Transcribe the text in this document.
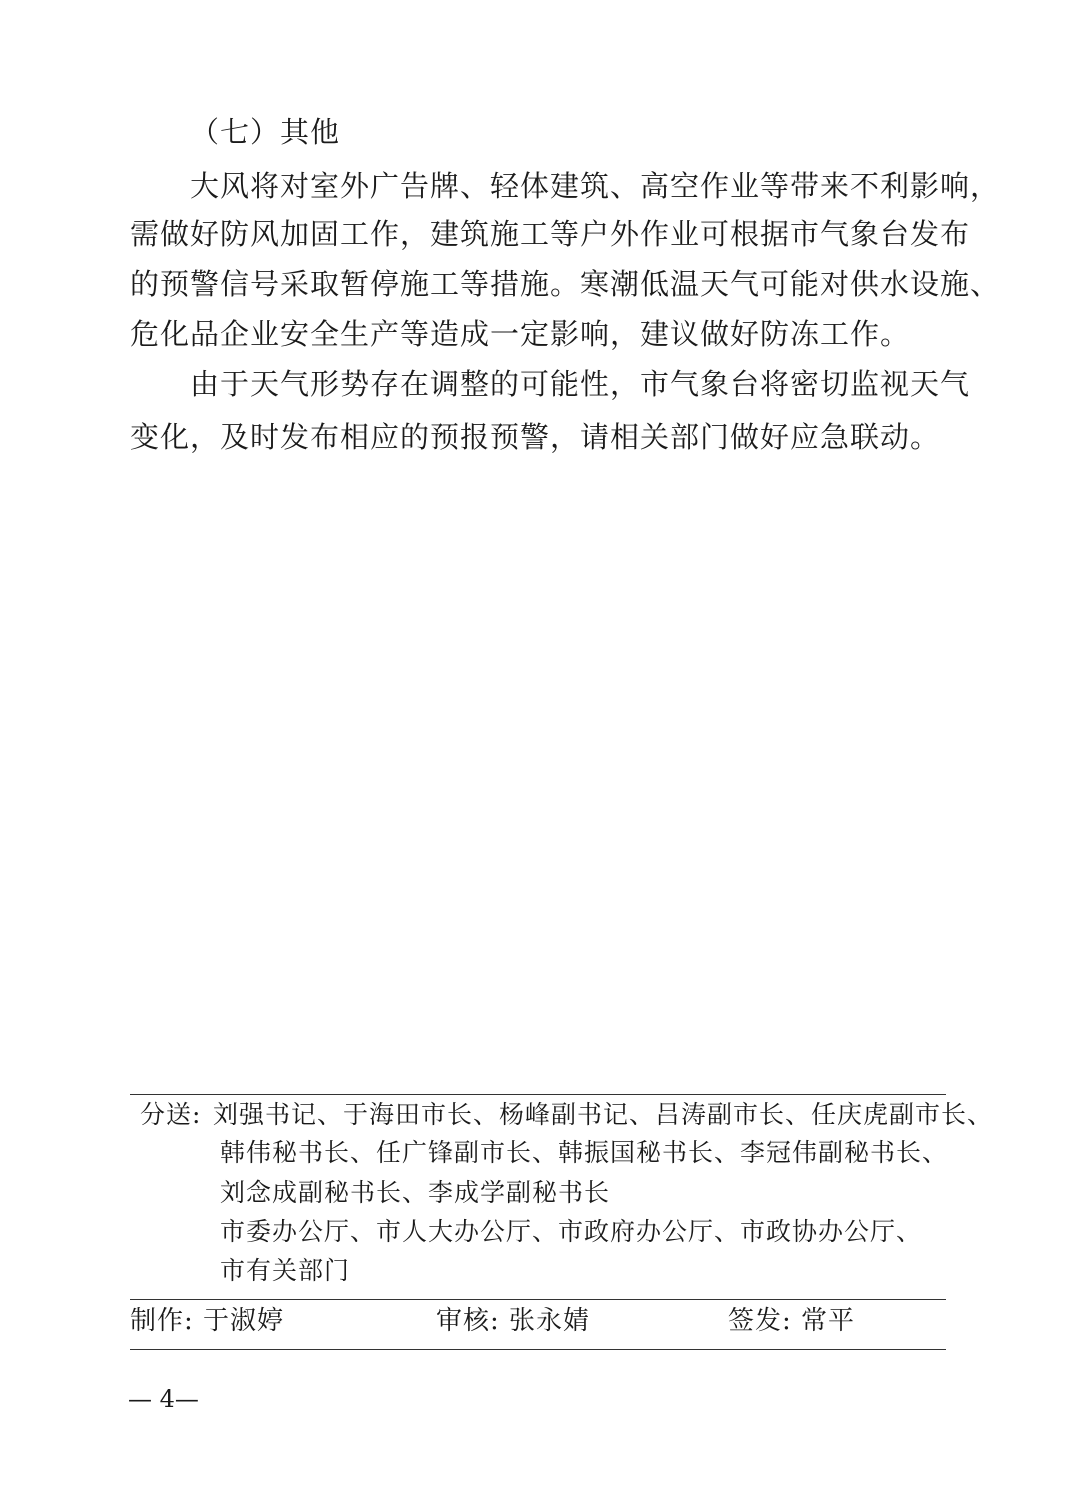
（七）其他
大风将对室外广告牌、轻体建筑、高空作业等带来不利影响，
需做好防风加固工作，建筑施工等户外作业可根据市气象台发布
的预警信号采取暂停施工等措施。寒潮低温天气可能对供水设施、
危化品企业安全生产等造成一定影响，建议做好防冻工作。
由于天气形势存在调整的可能性，市气象台将密切监视天气
变化，及时发布相应的预报预警，请相关部门做好应急联动。
分送: 刘强书记、于海田市长、杨峰副书记、吕涛副市长、任庆虎副市长、
韩伟秘书长、任广锋副市长、韩振国秘书长、李冠伟副秘书长、
刘念成副秘书长、李成学副秘书长
市委办公厅、市人大办公厅、市政府办公厅、市政协办公厅、
市有关部门
制作: 于淑婷	审核: 张永婧	签发: 常平
— 4—
